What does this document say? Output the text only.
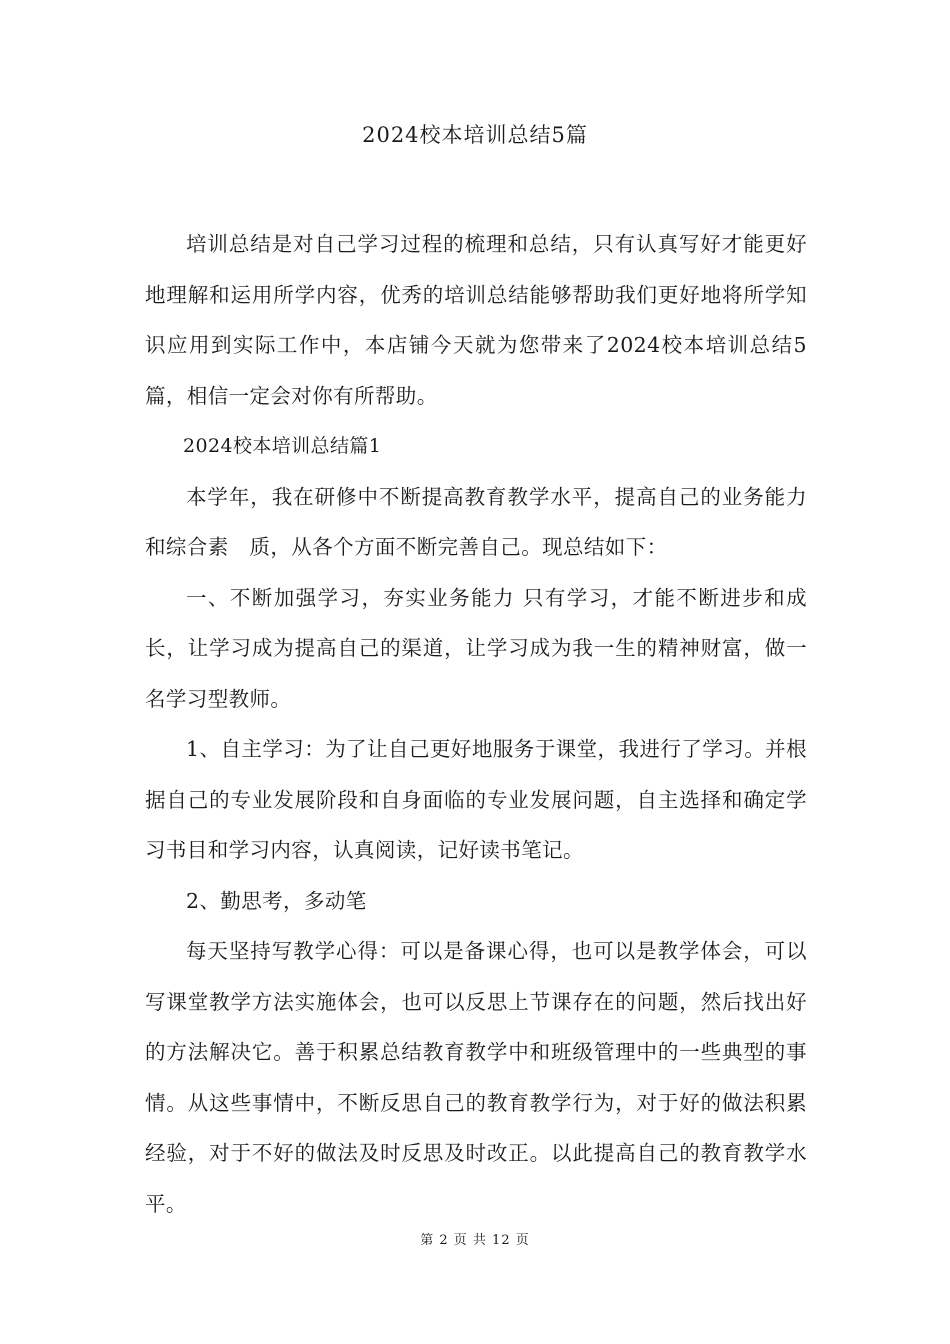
2024校本培训总结5篇

培训总结是对自己学习过程的梳理和总结，只有认真写好才能更好地理解和运用所学内容，优秀的培训总结能够帮助我们更好地将所学知识应用到实际工作中，本店铺今天就为您带来了2024校本培训总结5篇，相信一定会对你有所帮助。

2024校本培训总结篇1

本学年，我在研修中不断提高教育教学水平，提高自己的业务能力和综合素　质，从各个方面不断完善自己。现总结如下：

一、不断加强学习，夯实业务能力 只有学习，才能不断进步和成长，让学习成为提高自己的渠道，让学习成为我一生的精神财富，做一名学习型教师。

1、自主学习：为了让自己更好地服务于课堂，我进行了学习。并根据自己的专业发展阶段和自身面临的专业发展问题，自主选择和确定学习书目和学习内容，认真阅读，记好读书笔记。

2、勤思考，多动笔

每天坚持写教学心得：可以是备课心得，也可以是教学体会，可以写课堂教学方法实施体会，也可以反思上节课存在的问题，然后找出好的方法解决它。善于积累总结教育教学中和班级管理中的一些典型的事情。从这些事情中，不断反思自己的教育教学行为，对于好的做法积累经验，对于不好的做法及时反思及时改正。以此提高自己的教育教学水平。

第 2 页 共 12 页
